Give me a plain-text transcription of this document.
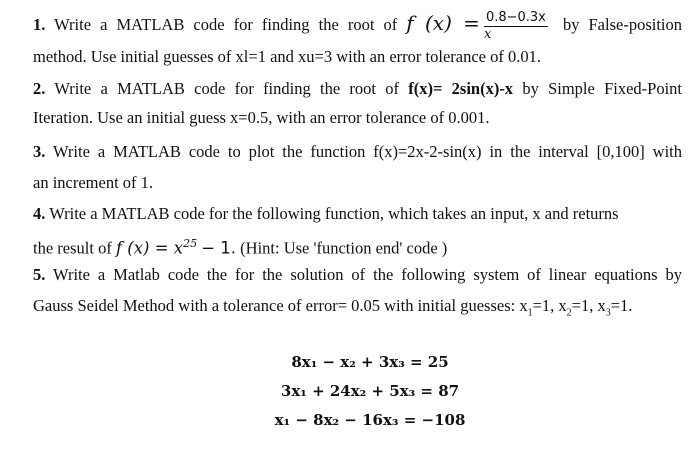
1. Write a MATLAB code for finding the root of f $(x) = \frac{0.8-0.3x}{x}$ by False-position
method. Use initial guesses of xl=1 and xu=3 with an error tolerance of 0.01.
2. Write a MATLAB code for finding the root of f(x)= 2sin(x)-x by Simple Fixed-Point
Iteration. Use an initial guess x=0.5, with an error tolerance of 0.001.
3. Write a MATLAB code to plot the function f(x)=2x-2-sin(x) in the interval [0,100] with
an increment of 1.
4. Write a MATLAB code for the following function, which takes an input, x and returns
the result of f $(x) = x^{25} - 1$. (Hint: Use 'function end' code )
5. Write a Matlab code the for the solution of the following system of linear equations by
Gauss Seidel Method with a tolerance of error= 0.05 with initial guesses: $x_1=1$, $x_2=1$, $x_3=1$.
8x₁ − x₂ + 3x₃ = 25
3x₁ + 24x₂ + 5x₃ = 87
x₁ − 8x₂ − 16x₃ = −108
